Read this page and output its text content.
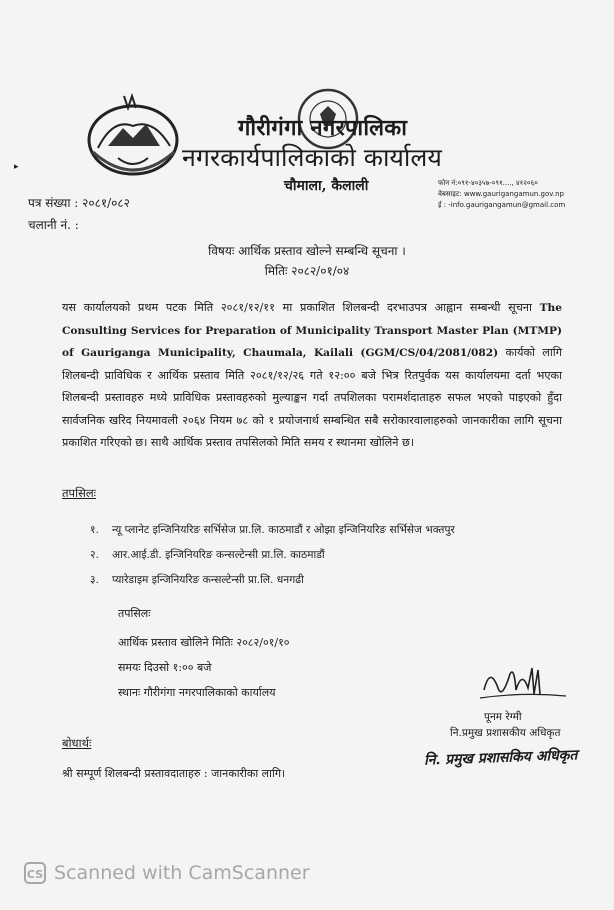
▸
गौरीगंगा नगरपालिका
नगरकार्यपालिकाको कार्यालय
चौमाला, कैलाली	फोन नं:०९१-४०३५७-०९१...., ४१२०६०
वेबसाइट: www.gaurigangamun.gov.np
ई : -info.gaurigangamun@gmail.com
पत्र संख्या : २०८१/०८२
चलानी नं. :
विषयः आर्थिक प्रस्ताव खोल्ने सम्बन्धि सूचना ।
मितिः २०८२/०१/०४
यस कार्यालयको प्रथम पटक मिति २०८१/१२/११ मा प्रकाशित शिलबन्दी दरभाउपत्र आह्वान सम्बन्धी सूचना The Consulting Services for Preparation of Municipality Transport Master Plan (MTMP) of Gauriganga Municipality, Chaumala, Kailali (GGM/CS/04/2081/082) कार्यको लागि शिलबन्दी प्राविधिक र आर्थिक प्रस्ताव मिति २०८१/१२/२६ गते १२:०० बजे भित्र रितपुर्वक यस कार्यालयमा दर्ता भएका शिलबन्दी प्रस्तावहरु मध्ये प्राविधिक प्रस्तावहरुको मुल्याङ्कन गर्दा तपशिलका परामर्शदाताहरु सफल भएको पाइएको हुँदा सार्वजनिक खरिद नियमावली २०६४ नियम ७८ को १ प्रयोजनार्थ सम्बन्धित सबै सरोकारवालाहरुको जानकारीका लागि सूचना प्रकाशित गरिएको छ। साथै आर्थिक प्रस्ताव तपसिलको मिति समय र स्थानमा खोलिने छ।
तपसिलः
१. न्यू प्लानेट इन्जिनियरिङ सर्भिसेज प्रा.लि. काठमाडौं र ओझा इन्जिनियरिङ सर्भिसेज भक्तपुर
२. आर.आई.डी. इन्जिनियरिङ कन्सल्टेन्सी प्रा.लि. काठमाडौं
३. प्यारेडाइम इन्जिनियरिङ कन्सल्टेन्सी प्रा.लि. धनगढी
तपसिलः
आर्थिक प्रस्ताव खोलिने मितिः २०८२/०१/१०
समयः दिउसो १:०० बजे
स्थानः गौरीगंगा नगरपालिकाको कार्यालय
पूनम रेग्मी
नि.प्रमुख प्रशासकीय अधिकृत
नि. प्रमुख प्रशासकिय अधिकृत
बोधार्थः
श्री सम्पूर्ण शिलबन्दी प्रस्तावदाताहरु : जानकारीका लागि।
CS Scanned with CamScanner
